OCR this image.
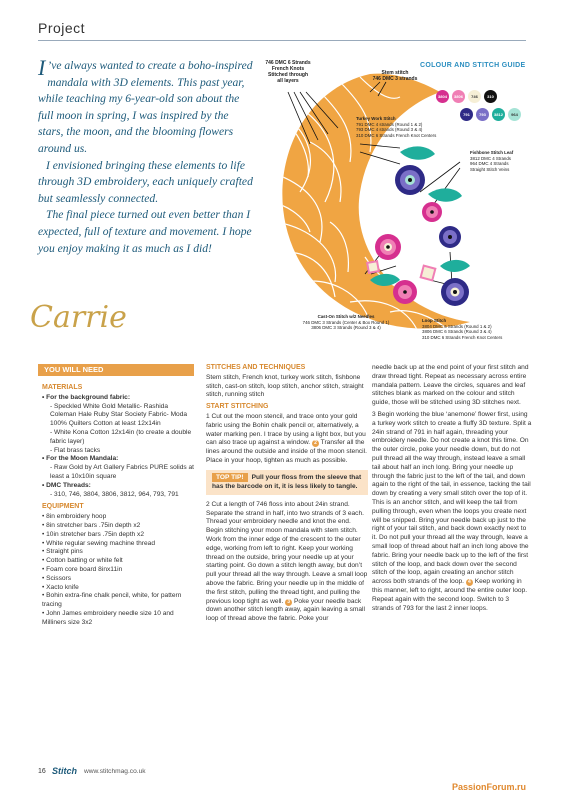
Project

I ’ve always wanted to create a boho-inspired mandala with 3D elements. This past year, while teaching my 6-year-old son about the full moon in spring, I was inspired by the stars, the moon, and the blooming flowers around us.

I envisioned bringing these elements to life through 3D embroidery, each uniquely crafted but seamlessly connected.

The final piece turned out even better than I expected, full of texture and movement. I hope you enjoy making it as much as I did!

Carrie
746 DMC 6 Strands
French Knots
Stitched through
all layers
Stem stitch
746 DMC 3 strands
COLOUR AND STITCH GUIDE
3804	3806	746	310
791	793	3812	964
Turkey Work Stitch
791 DMC 4 strands (Round 1 & 2)
793 DMC 4 strands (Round 3 & 4)
310 DMC 6 Strands French Knot Centers
Fishbone Stitch Leaf
3812 DMC 4 Strands
964 DMC 4 Strands
Straight Stitch Veins
Cast-On Stitch w/2 Needles
746 DMC 3 Strands (Center & Box Round 1)
3806 DMC 3 Strands (Round 3 & 4)
Loop Stitch
3804 DMC 6 Strands (Round 1 & 2)
3806 DMC 6 Strands (Round 3 & 4)
310 DMC 6 Strands French Knot Centers
YOU WILL NEED
MATERIALS
• For the background fabric:
- Speckled White Gold Metallic- Rashida Coleman Hale Ruby Star Society Fabric- Moda 100% Quilters Cotton at least 12x14in
- White Kona Cotton 12x14in (to create a double fabric layer)
- Flat brass tacks
• For the Moon Mandala:
- Raw Gold by Art Gallery Fabrics PURE solids at least a 10x10in square
• DMC Threads:
- 310, 746, 3804, 3806, 3812, 964, 793, 791
EQUIPMENT
• 8in embroidery hoop
• 8in stretcher bars .75in depth x2
• 10in stretcher bars .75in depth x2
• White regular sewing machine thread
• Straight pins
• Cotton batting or white felt
• Foam core board 8inx11in
• Scissors
• Xacto knife
• Bohin extra-fine chalk pencil, white, for pattern tracing
• John James embroidery needle size 10 and Milliners size 3x2
STITCHES AND TECHNIQUES

Stem stitch, French knot, turkey work stitch, fishbone stitch, cast-on stitch, loop stitch, anchor stitch, straight stitch, running stitch

START STITCHING

1 Cut out the moon stencil, and trace onto your gold fabric using the Bohin chalk pencil or, alternatively, a water marking pen. I trace by using a light box, but you can also trace up against a window. 2 Transfer all the lines around the outside and inside of the moon stencil. Place in your hoop, tighten as much as possible.

TOP TIP! Pull your floss from the sleeve that has the barcode on it, it is less likely to tangle.

2 Cut a length of 746 floss into about 24in strand. Separate the strand in half, into two strands of 3 each. Thread your embroidery needle and knot the end. Begin stitching your moon mandala with stem stitch. Work from the inner edge of the crescent to the outer edge, working from left to right. Keep your working thread on the outside, bring your needle up at your starting point. Go down a stitch length away, but don’t pull your thread all the way through. Leave a small loop above the fabric. Bring your needle up in the middle of the first stitch, pulling the thread tight, and pulling the previous loop tight as well. 3 Poke your needle back down another stitch length away, again leaving a small loop of thread above the fabric. Poke your

needle back up at the end point of your first stitch and draw thread tight. Repeat as necessary across entire mandala pattern. Leave the circles, squares and leaf stitches blank as marked on the colour and stitch guide, those will be stitched using 3D stitches next.

3 Begin working the blue ‘anemone’ flower first, using a turkey work stitch to create a fluffy 3D texture. Split a 24in strand of 791 in half again, threading your embroidery needle. Do not create a knot this time. On the outer circle, poke your needle down, but do not pull thread all the way through, instead leave a small tail about half an inch long. Bring your needle up through the fabric just to the left of the tail, and down again to the right of the tail, in essence, tacking the tail down by creating a very small stitch over the top of it. This is an anchor stitch, and will keep the tail from pulling through, even when the loops you create next will be snipped. Bring your needle back up just to the right of your tail stitch, and back down exactly next to it. Do not pull your thread all the way through, leave a small loop of thread about half an inch long above the fabric. Bring your needle back up to the left of the first stitch of the loop, and back down over the second stitch of the loop, again creating an anchor stitch across both strands of the loop. 4 Keep working in this manner, left to right, around the entire outer loop. Repeat again with the second loop. Switch to 3 strands of 793 for the last 2 inner loops.

16 Stitch www.stitchmag.co.uk
PassionForum.ru
